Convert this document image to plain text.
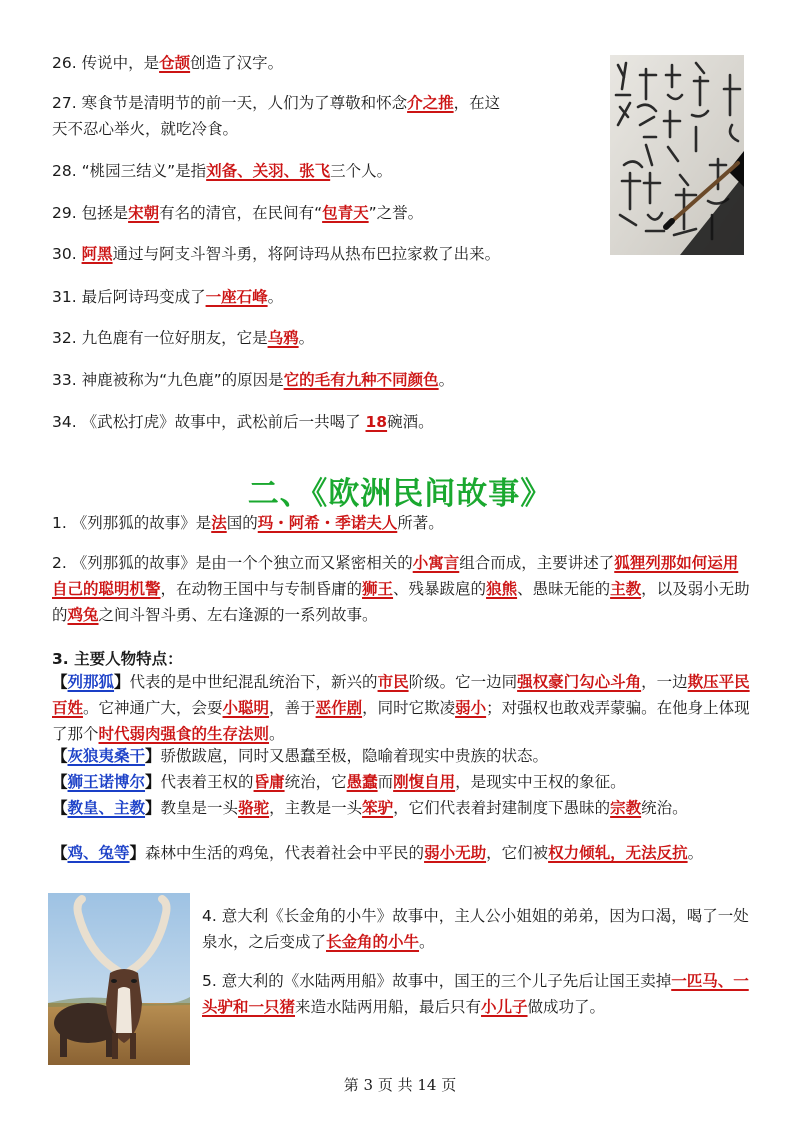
26. 传说中，是仓颉创造了汉字。
27. 寒食节是清明节的前一天，人们为了尊敬和怀念介之推，在这
天不忍心举火，就吃冷食。
28. “桃园三结义”是指刘备、关羽、张飞三个人。
29. 包拯是宋朝有名的清官，在民间有“包青天”之誉。
30. 阿黑通过与阿支斗智斗勇，将阿诗玛从热布巴拉家救了出来。
31. 最后阿诗玛变成了一座石峰。
32. 九色鹿有一位好朋友，它是乌鸦。
33. 神鹿被称为“九色鹿”的原因是它的毛有九种不同颜色。
34. 《武松打虎》故事中，武松前后一共喝了 18碗酒。
二、《欧洲民间故事》
1. 《列那狐的故事》是法国的玛・阿希・季诺夫人所著。
2. 《列那狐的故事》是由一个个独立而又紧密相关的小寓言组合而成，主要讲述了狐狸列那如何运用自己的聪明机警，在动物王国中与专制昏庸的狮王、残暴跋扈的狼熊、愚昧无能的主教，以及弱小无助的鸡兔之间斗智斗勇、左右逢源的一系列故事。
3. 主要人物特点：
【列那狐】代表的是中世纪混乱统治下，新兴的市民阶级。它一边同强权豪门勾心斗角，一边欺压平民百姓。它神通广大，会耍小聪明，善于恶作剧，同时它欺凌弱小；对强权也敢戏弄蒙骗。在他身上体现了那个时代弱肉强食的生存法则。
【灰狼夷桑干】骄傲跋扈，同时又愚蠢至极，隐喻着现实中贵族的状态。
【狮王诺博尔】代表着王权的昏庸统治，它愚蠢而刚愎自用，是现实中王权的象征。
【教皇、主教】教皇是一头骆驼，主教是一头笨驴，它们代表着封建制度下愚昧的宗教统治。
【鸡、兔等】森林中生活的鸡兔，代表着社会中平民的弱小无助，它们被权力倾轧，无法反抗。
4. 意大利《长金角的小牛》故事中，主人公小姐姐的弟弟，因为口渴，喝了一处泉水，之后变成了长金角的小牛。
5. 意大利的《水陆两用船》故事中，国王的三个儿子先后让国王卖掉一匹马、一头驴和一只猪来造水陆两用船，最后只有小儿子做成功了。
第 3 页 共 14 页
